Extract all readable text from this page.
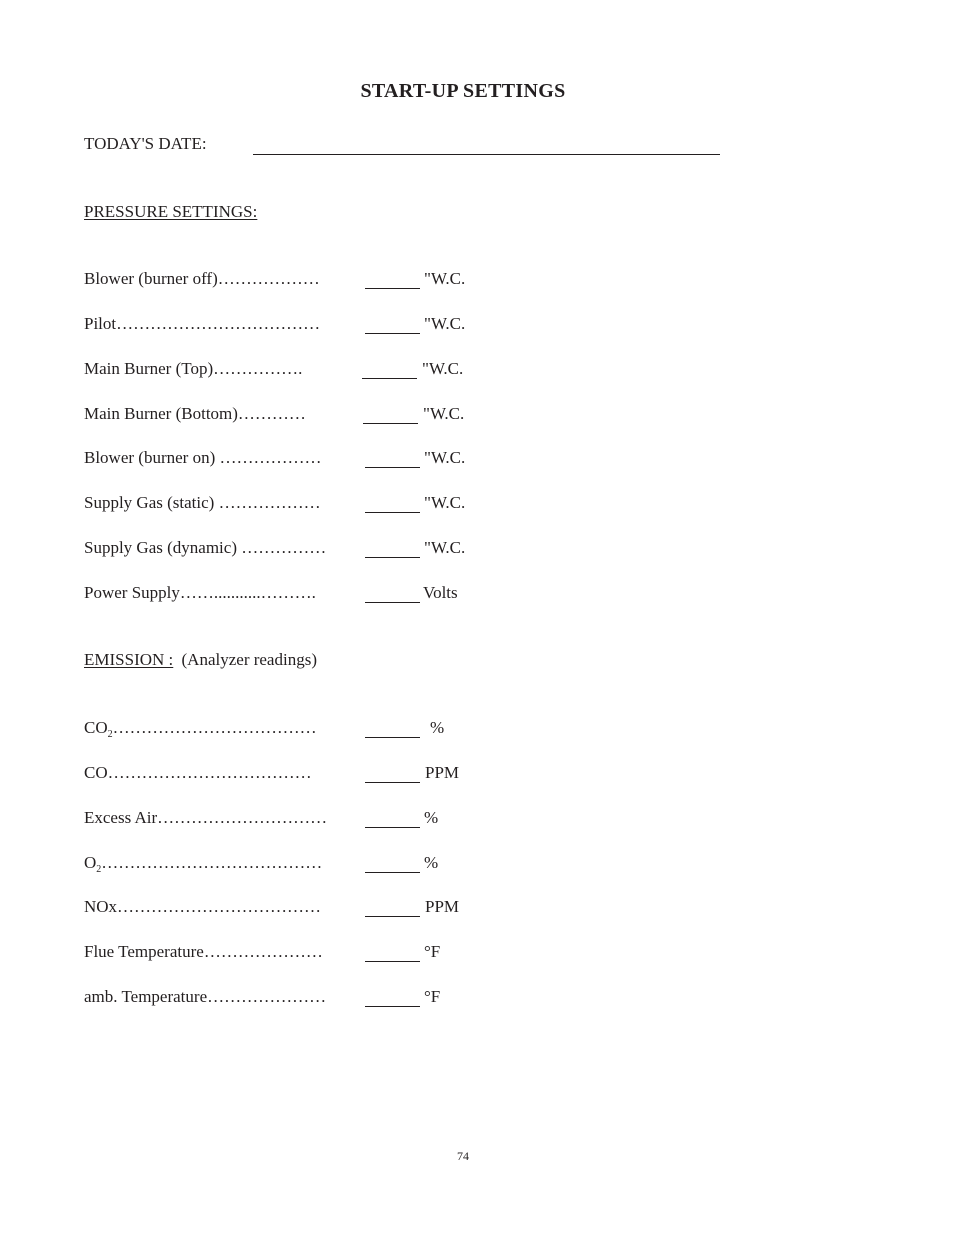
START-UP SETTINGS
TODAY'S DATE:
PRESSURE SETTINGS:
Blower (burner off)………………	"W.C.
Pilot………………………………	"W.C.
Main Burner (Top)…………….	"W.C.
Main Burner (Bottom)…………	"W.C.
Blower (burner on) ………………	"W.C.
Supply Gas (static) ………………	"W.C.
Supply Gas (dynamic) ……………	"W.C.
Power Supply……...........……….	Volts
EMISSION : (Analyzer readings)
$CO_2\dots\dots\dots\dots\dots\dots\dots\dots\dots\dots\dots\dots$	%
CO………………………………	PPM
Excess Air…………………………	%
$O_2\dots\dots\dots\dots\dots\dots\dots\dots\dots\dots\dots\dots\dots$	%
NOx………………………………	PPM
Flue Temperature…………………	°F
amb. Temperature…………………	°F
74
